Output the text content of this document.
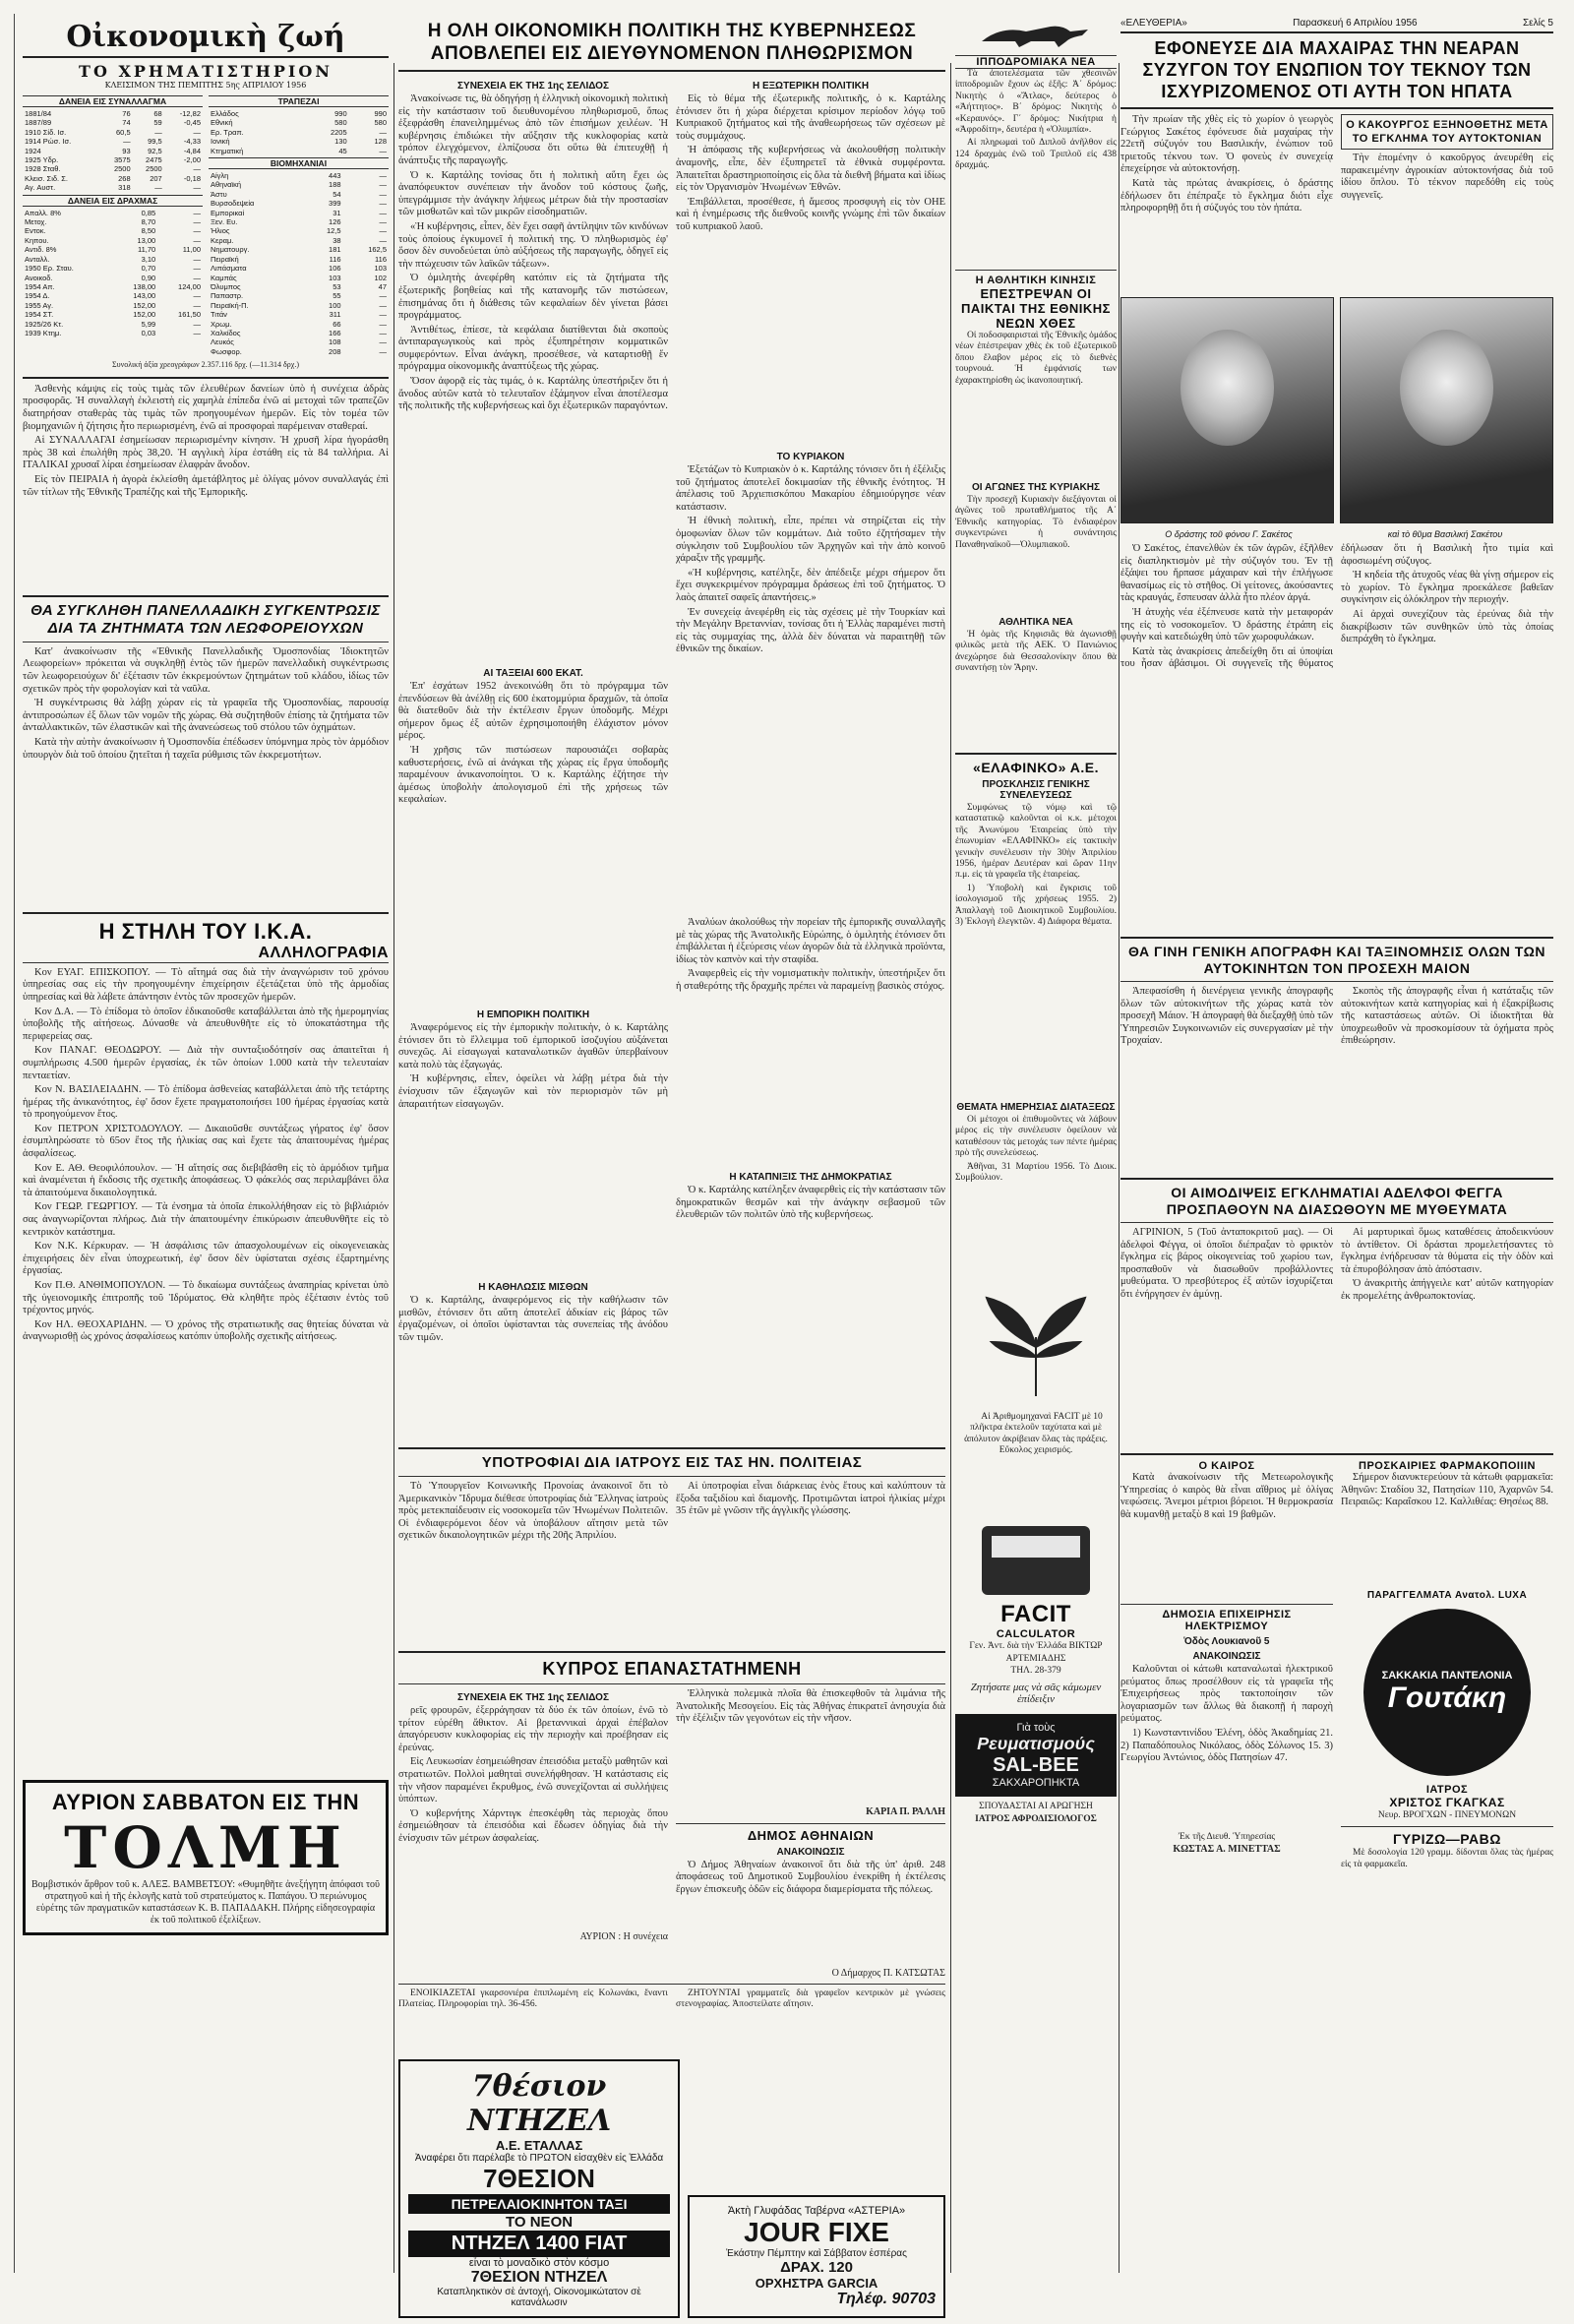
Οἰκονομικὴ ζωή
ΤΟ ΧΡΗΜΑΤΙΣΤΗΡΙΟΝ
ΚΛΕΙΣΙΜΟΝ ΤΗΣ ΠΕΜΠΤΗΣ 5ης ΑΠΡΙΛΙΟΥ 1956
ΔΑΝΕΙΑ ΕΙΣ ΣΥΝΑΛΛΑΓΜΑ
1881/84	76	68	-12,82
1887/89	74	59	-0,45
1910 Σίδ. Ισ.	60,5	—	—
1914 Ρώσ. Ισ.	—	99,5	-4,33
1924	93	92,5	-4,84
1925 Υδρ.	3575	2475	-2,00
1928 Σταθ.	2500	2500	—
Κλεισ. Σιδ. Σ.	268	207	-0,18
Αγ. Αυστ.	318	—	—
ΔΑΝΕΙΑ ΕΙΣ ΔΡΑΧΜΑΣ
Απαλλ. 8%	0,85	—
Μετοχ.	8,70	—
Εντοκ.	8,50	—
Κηπου.	13,00	—
Αντιδ. 8%	11,70	11,00
Ανταλλ.	3,10	—
1950 Ερ. Σταυ.	0,70	—
Ανοικοδ.	0,90	—
1954 Απ.	138,00	124,00
1954 Δ.	143,00	—
1955 Αγ.	152,00	—
1954 ΣΤ.	152,00	161,50
1925/26 Κτ.	5,99	—
1939 Κτημ.	0,03	—
ΤΡΑΠΕΖΑΙ
Ελλάδος	990	990
Εθνική	580	580
Ερ. Τραπ.	2205	—
Ιονική	130	128
Κτηματική	45	—
ΒΙΟΜΗΧΑΝΙΑΙ
Αίγλη	443	—
Αθηναϊκή	188	—
Άστυ	54	—
Βυρσοδεψεία	399	—
Εμπορικαί	31	—
Ξεν. Ευ.	126	—
Ήλιος	12,5	—
Κεραμ.	38	—
Νηματουργ.	181	162,5
Πειραϊκή	116	116
Λιπάσματα	106	103
Καμπάς	103	102
Όλυμπος	53	47
Παπαστρ.	55	—
Πειραϊκή-Π.	100	—
Τιτάν	311	—
Χρωμ.	66	—
Χαλκίδος	166	—
Λευκός	108	—
Φωσφορ.	208	—
Συνολική ἀξία χρεογράφων 2.357.116 δρχ. (—11.314 δρχ.)

Ἀσθενὴς κάμψις εἰς τοὺς τιμὰς τῶν ἐλευθέρων δανείων ὑπὸ ἡ συνέχεια ἀδρὰς προσφορᾶς. Ἡ συναλλαγὴ ἐκλειστὴ εἰς χαμηλὰ ἐπίπεδα ἐνῶ αἱ μετοχαὶ τῶν τραπεζῶν διατηρήσαν σταθερὰς τὰς τιμὰς τῶν προηγουμένων ἡμερῶν. Εἰς τὸν τομέα τῶν βιομηχανιῶν ἡ ζήτησις ἦτο περιωρισμένη, ἐνῶ αἱ προσφοραὶ παρέμειναν σταθεραί.

Αἱ ΣΥΝΑΛΛΑΓΑΙ ἐσημείωσαν περιωρισμένην κίνησιν. Ἡ χρυσῆ λίρα ἠγοράσθη πρὸς 38 καὶ ἐπωλήθη πρὸς 38,20. Ἡ αγγλικὴ λίρα ἐστάθη εἰς τὰ 84 ταλλήρια. Αἱ ΙΤΑΛΙΚΑΙ χρυσαῖ λίραι ἐσημείωσαν ἐλαφρὰν ἄνοδον.

Εἰς τὸν ΠΕΙΡΑΙΑ ἡ ἀγορὰ ἐκλείσθη ἀμετάβλητος μὲ ὀλίγας μόνον συναλλαγάς ἐπὶ τῶν τίτλων τῆς Ἐθνικῆς Τραπέζης καὶ τῆς Ἐμπορικῆς.

ΘΑ ΣΥΓΚΛΗΘΗ ΠΑΝΕΛΛΑΔΙΚΗ ΣΥΓΚΕΝΤΡΩΣΙΣ ΔΙΑ ΤΑ ΖΗΤΗΜΑΤΑ ΤΩΝ ΛΕΩΦΟΡΕΙΟΥΧΩΝ

Κατ' ἀνακοίνωσιν τῆς «Ἑθνικῆς Πανελλαδικῆς Ὁμοσπονδίας Ἰδιοκτητῶν Λεωφορείων» πρόκειται νὰ συγκληθῇ ἐντὸς τῶν ἡμερῶν πανελλαδικὴ συγκέντρωσις τῶν λεωφορειούχων δι' ἐξέτασιν τῶν ἐκκρεμούντων ζητημάτων τοῦ κλάδου, ἰδίως τῶν σχετικῶν πρὸς τὴν φορολογίαν καὶ τὰ ναῦλα.

Ἡ συγκέντρωσις θὰ λάβῃ χώραν εἰς τὰ γραφεῖα τῆς Ὁμοσπονδίας, παρουσίᾳ ἀντιπροσώπων ἐξ ὅλων τῶν νομῶν τῆς χώρας. Θὰ συζητηθοῦν ἐπίσης τὰ ζητήματα τῶν ἀνταλλακτικῶν, τῶν ἐλαστικῶν καὶ τῆς ἀνανεώσεως τοῦ στόλου τῶν ὀχημάτων.

Κατὰ τὴν αὐτὴν ἀνακοίνωσιν ἡ Ὁμοσπονδία ἐπέδωσεν ὑπόμνημα πρὸς τὸν ἁρμόδιον ὑπουργὸν διὰ τοῦ ὁποίου ζητεῖται ἡ ταχεῖα ρύθμισις τῶν ἐκκρεμοτήτων.

Η ΣΤΗΛΗ ΤΟΥ Ι.Κ.Α.
ΑΛΛΗΛΟΓΡΑΦΙΑ

Κον ΕΥΑΓ. ΕΠΙΣΚΟΠΟΥ. — Τὸ αἴτημά σας διὰ τὴν ἀναγνώρισιν τοῦ χρόνου ὑπηρεσίας σας εἰς τὴν προηγουμένην ἐπιχείρησιν ἐξετάζεται ὑπὸ τῆς ἁρμοδίας ὑπηρεσίας καὶ θὰ λάβετε ἀπάντησιν ἐντὸς τῶν προσεχῶν ἡμερῶν.

Κον Δ.Α. — Τὸ ἐπίδομα τὸ ὁποῖον ἐδικαιοῦσθε καταβάλλεται ἀπὸ τῆς ἡμερομηνίας ὑποβολῆς τῆς αἰτήσεως. Δύνασθε νὰ ἀπευθυνθῆτε εἰς τὸ ὑποκατάστημα τῆς περιφερείας σας.

Κον ΠΑΝΑΓ. ΘΕΟΔΩΡΟΥ. — Διὰ τὴν συνταξιοδότησίν σας ἀπαιτεῖται ἡ συμπλήρωσις 4.500 ἡμερῶν ἐργασίας, ἐκ τῶν ὁποίων 1.000 κατὰ τὴν τελευταίαν πενταετίαν.

Κον Ν. ΒΑΣΙΛΕΙΑΔΗΝ. — Τὸ ἐπίδομα ἀσθενείας καταβάλλεται ἀπὸ τῆς τετάρτης ἡμέρας τῆς ἀνικανότητος, ἐφ' ὅσον ἔχετε πραγματοποιήσει 100 ἡμέρας ἐργασίας κατὰ τὸ προηγούμενον ἔτος.

Κον ΠΕΤΡΟΝ ΧΡΙΣΤΟΔΟΥΛΟΥ. — Δικαιοῦσθε συντάξεως γήρατος ἐφ' ὅσον ἐσυμπληρώσατε τὸ 65ον ἔτος τῆς ἡλικίας σας καὶ ἔχετε τὰς ἀπαιτουμένας ἡμέρας ἀσφαλίσεως.

Κον Ε. ΑΘ. Θεοφιλόπουλον. — Ἡ αἴτησίς σας διεβιβάσθη εἰς τὸ ἁρμόδιον τμῆμα καὶ ἀναμένεται ἡ ἔκδοσις τῆς σχετικῆς ἀποφάσεως. Ὁ φάκελός σας περιλαμβάνει ὅλα τὰ ἀπαιτούμενα δικαιολογητικά.

Κον ΓΕΩΡ. ΓΕΩΡΓΙΟΥ. — Τὰ ἐνσημα τὰ ὁποῖα ἐπικολλήθησαν εἰς τὸ βιβλιάριόν σας ἀναγνωρίζονται πλήρως. Διὰ τὴν ἀπαιτουμένην ἐπικύρωσιν ἀπευθυνθῆτε εἰς τὸ κεντρικὸν κατάστημα.

Κον Ν.Κ. Κέρκυραν. — Ἡ ἀσφάλισις τῶν ἀπασχολουμένων εἰς οἰκογενειακὰς ἐπιχειρήσεις δὲν εἶναι ὑποχρεωτική, ἐφ' ὅσον δὲν ὑφίσταται σχέσις ἐξαρτημένης ἐργασίας.

Κον Π.Θ. ΑΝΘΙΜΟΠΟΥΛΟΝ. — Τὸ δικαίωμα συντάξεως ἀναπηρίας κρίνεται ὑπὸ τῆς ὑγειονομικῆς ἐπιτροπῆς τοῦ Ἱδρύματος. Θὰ κληθῆτε πρὸς ἐξέτασιν ἐντὸς τοῦ τρέχοντος μηνός.

Κον ΗΛ. ΘΕΟΧΑΡΙΔΗΝ. — Ὁ χρόνος τῆς στρατιωτικῆς σας θητείας δύναται νὰ ἀναγνωρισθῇ ὡς χρόνος ἀσφαλίσεως κατόπιν ὑποβολῆς σχετικῆς αἰτήσεως.

ΑΥΡΙΟΝ ΣΑΒΒΑΤΟΝ ΕΙΣ ΤΗΝ
ΤΟΛΜΗ
Βομβιστικόν ἄρθρον τοῦ κ. ΑΛΕΞ. ΒΑΜΒΕΤΣΟΥ: «Θυμηθῆτε ἀνεξήγητη ἀπόφασι τοῦ στρατηγοῦ καὶ ἡ τῆς ἐκλογῆς κατὰ τοῦ στρατεύματος κ. Παπάγου. Ὁ περιώνυμος εὑρέτης τῶν πραγματικῶν καταστάσεων Κ. Β. ΠΑΠΑΔΑΚΗ. Πλήρης εἰδησεογραφία ἐκ τοῦ πολιτικοῦ ἐξελίξεων.
Η ΟΛΗ ΟΙΚΟΝΟΜΙΚΗ ΠΟΛΙΤΙΚΗ ΤΗΣ ΚΥΒΕΡΝΗΣΕΩΣ ΑΠΟΒΛΕΠΕΙ ΕΙΣ ΔΙΕΥΘΥΝΟΜΕΝΟΝ ΠΛΗΘΩΡΙΣΜΟΝ
ΣΥΝΕΧΕΙΑ ΕΚ ΤΗΣ 1ης ΣΕΛΙΔΟΣ

Ἀνακοίνωσε τις, θὰ ὁδηγήσῃ ἡ ἑλληνικὴ οἰκονομικὴ πολιτικὴ εἰς τὴν κατάστασιν τοῦ διευθυνομένου πληθωρισμοῦ, ὅπως ἐξεφράσθη ἐπανειλημμένως ἀπὸ τῶν ἐπισήμων χειλέων. Ἡ κυβέρνησις ἐπιδιώκει τὴν αὔξησιν τῆς κυκλοφορίας κατὰ τρόπον ἐλεγχόμενον, ἐλπίζουσα ὅτι οὕτω θὰ ἐπιτευχθῇ ἡ ἀνάπτυξις τῆς παραγωγῆς.

Ὁ κ. Καρτάλης τονίσας ὅτι ἡ πολιτικὴ αὕτη ἔχει ὡς ἀναπόφευκτον συνέπειαν τὴν ἄνοδον τοῦ κόστους ζωῆς, ὑπεγράμμισε τὴν ἀνάγκην λήψεως μέτρων διὰ τὴν προστασίαν τῶν μισθωτῶν καὶ τῶν μικρῶν εἰσοδηματιῶν.

«Ἡ κυβέρνησις, εἶπεν, δὲν ἔχει σαφῆ ἀντίληψιν τῶν κινδύνων τοὺς ὁποίους ἐγκυμονεῖ ἡ πολιτική της. Ὁ πληθωρισμὸς ἐφ' ὅσον δὲν συνοδεύεται ὑπὸ αὐξήσεως τῆς παραγωγῆς, ὁδηγεῖ εἰς τὴν πτώχευσιν τῶν λαϊκῶν τάξεων».

Ὁ ὁμιλητὴς ἀνεφέρθη κατόπιν εἰς τὰ ζητήματα τῆς ἐξωτερικῆς βοηθείας καὶ τῆς κατανομῆς τῶν πιστώσεων, ἐπισημάνας ὅτι ἡ διάθεσις τῶν κεφαλαίων δὲν γίνεται βάσει προγράμματος.

Ἀντιθέτως, ἐπίεσε, τὰ κεφάλαια διατίθενται διὰ σκοποὺς ἀντιπαραγωγικοὺς καὶ πρὸς ἐξυπηρέτησιν κομματικῶν συμφερόντων. Εἶναι ἀνάγκη, προσέθεσε, νὰ καταρτισθῇ ἕν πρόγραμμα οἰκονομικῆς ἀναπτύξεως τῆς χώρας.

Ὅσον ἀφορᾷ εἰς τὰς τιμάς, ὁ κ. Καρτάλης ὑπεστήριξεν ὅτι ἡ ἄνοδος αὐτῶν κατὰ τὸ τελευταῖον ἑξάμηνον εἶναι ἀποτέλεσμα τῆς πολιτικῆς τῆς κυβερνήσεως καὶ ὄχι ἐξωτερικῶν παραγόντων.

ΑΙ ΤΑΞΕΙΑΙ 600 ΕΚΑΤ.

Ἐπ' ἐσχάτων 1952 ἀνεκοινώθη ὅτι τὸ πρόγραμμα τῶν ἐπενδύσεων θὰ ἀνέλθῃ εἰς 600 ἑκατομμύρια δραχμῶν, τὰ ὁποῖα θὰ διατεθοῦν διὰ τὴν ἐκτέλεσιν ἔργων ὑποδομῆς. Μέχρι σήμερον ὅμως ἐξ αὐτῶν ἐχρησιμοποιήθη ἐλάχιστον μόνον μέρος.

Ἡ χρῆσις τῶν πιστώσεων παρουσιάζει σοβαρὰς καθυστερήσεις, ἐνῶ αἱ ἀνάγκαι τῆς χώρας εἰς ἔργα ὑποδομῆς παραμένουν ἀνικανοποίητοι. Ὁ κ. Καρτάλης ἐζήτησε τὴν ἀμέσως ὑποβολὴν ἀπολογισμοῦ ἐπὶ τῆς χρήσεως τῶν κεφαλαίων.

Η ΕΜΠΟΡΙΚΗ ΠΟΛΙΤΙΚΗ

Ἀναφερόμενος εἰς τὴν ἐμπορικὴν πολιτικὴν, ὁ κ. Καρτάλης ἐτόνισεν ὅτι τὸ ἔλλειμμα τοῦ ἐμπορικοῦ ἰσοζυγίου αὐξάνεται συνεχῶς. Αἱ εἰσαγωγαὶ καταναλωτικῶν ἀγαθῶν ὑπερβαίνουν κατὰ πολὺ τὰς ἐξαγωγάς.

Ἡ κυβέρνησις, εἶπεν, ὀφείλει νὰ λάβῃ μέτρα διὰ τὴν ἐνίσχυσιν τῶν ἐξαγωγῶν καὶ τὸν περιορισμὸν τῶν μὴ ἀπαραιτήτων εἰσαγωγῶν.

Η ΚΑΘΗΛΩΣΙΣ ΜΙΣΘΩΝ

Ὁ κ. Καρτάλης, ἀναφερόμενος εἰς τὴν καθήλωσιν τῶν μισθῶν, ἐτόνισεν ὅτι αὕτη ἀποτελεῖ ἀδικίαν εἰς βάρος τῶν ἐργαζομένων, οἱ ὁποῖοι ὑφίστανται τὰς συνεπείας τῆς ἀνόδου τῶν τιμῶν.

Η ΕΞΩΤΕΡΙΚΗ ΠΟΛΙΤΙΚΗ

Εἰς τὸ θέμα τῆς ἐξωτερικῆς πολιτικῆς, ὁ κ. Καρτάλης ἐτόνισεν ὅτι ἡ χώρα διέρχεται κρίσιμον περίοδον λόγῳ τοῦ Κυπριακοῦ ζητήματος καὶ τῆς ἀναθεωρήσεως τῶν σχέσεων μὲ τοὺς συμμάχους.

Ἡ ἀπόφασις τῆς κυβερνήσεως νὰ ἀκολουθήσῃ πολιτικὴν ἀναμονῆς, εἶπε, δὲν ἐξυπηρετεῖ τὰ ἐθνικὰ συμφέροντα. Ἀπαιτεῖται δραστηριοποίησις εἰς ὅλα τὰ διεθνῆ βήματα καὶ ἰδίως εἰς τὸν Ὀργανισμὸν Ἡνωμένων Ἐθνῶν.

Ἐπιβάλλεται, προσέθεσε, ἡ ἄμεσος προσφυγὴ εἰς τὸν ΟΗΕ καὶ ἡ ἐνημέρωσις τῆς διεθνοῦς κοινῆς γνώμης ἐπὶ τῶν δικαίων τοῦ κυπριακοῦ λαοῦ.

ΤΟ ΚΥΡΙΑΚΟΝ

Ἐξετάζων τὸ Κυπριακὸν ὁ κ. Καρτάλης τόνισεν ὅτι ἡ ἐξέλιξις τοῦ ζητήματος ἀποτελεῖ δοκιμασίαν τῆς ἐθνικῆς ἑνότητος. Ἡ ἀπέλασις τοῦ Ἀρχιεπισκόπου Μακαρίου ἐδημιούργησε νέαν κατάστασιν.

Ἡ ἐθνικὴ πολιτικὴ, εἶπε, πρέπει νὰ στηρίζεται εἰς τὴν ὁμοφωνίαν ὅλων τῶν κομμάτων. Διὰ τοῦτο ἐζητήσαμεν τὴν σύγκλησιν τοῦ Συμβουλίου τῶν Ἀρχηγῶν καὶ τὴν ἀπὸ κοινοῦ χάραξιν τῆς γραμμῆς.

«Ἡ κυβέρνησις, κατέληξε, δὲν ἀπέδειξε μέχρι σήμερον ὅτι ἔχει συγκεκριμένον πρόγραμμα δράσεως ἐπὶ τοῦ ζητήματος. Ὁ λαὸς ἀπαιτεῖ σαφεῖς ἀπαντήσεις.»

Ἐν συνεχείᾳ ἀνεφέρθη εἰς τὰς σχέσεις μὲ τὴν Τουρκίαν καὶ τὴν Μεγάλην Βρεταννίαν, τονίσας ὅτι ἡ Ἑλλὰς παραμένει πιστὴ εἰς τὰς συμμαχίας της, ἀλλὰ δὲν δύναται νὰ παραιτηθῇ τῶν ἐθνικῶν της δικαίων.

Ἀναλύων ἀκολούθως τὴν πορείαν τῆς ἐμπορικῆς συναλλαγῆς μὲ τὰς χώρας τῆς Ἀνατολικῆς Εὐρώπης, ὁ ὁμιλητὴς ἐτόνισεν ὅτι ἐπιβάλλεται ἡ ἐξεύρεσις νέων ἀγορῶν διὰ τὰ ἑλληνικὰ προϊόντα, ἰδίως τὸν καπνὸν καὶ τὴν σταφίδα.

Ἀναφερθεὶς εἰς τὴν νομισματικὴν πολιτικὴν, ὑπεστήριξεν ὅτι ἡ σταθερότης τῆς δραχμῆς πρέπει νὰ παραμείνῃ βασικὸς στόχος.

Η ΚΑΤΑΠΝΙΞΙΣ ΤΗΣ ΔΗΜΟΚΡΑΤΙΑΣ

Ὁ κ. Καρτάλης κατέληξεν ἀναφερθεὶς εἰς τὴν κατάστασιν τῶν δημοκρατικῶν θεσμῶν καὶ τὴν ἀνάγκην σεβασμοῦ τῶν ἐλευθεριῶν τῶν πολιτῶν ὑπὸ τῆς κυβερνήσεως.

ΥΠΟΤΡΟΦΙΑΙ ΔΙΑ ΙΑΤΡΟΥΣ ΕΙΣ ΤΑΣ ΗΝ. ΠΟΛΙΤΕΙΑΣ

Τὸ Ὑπουργεῖον Κοινωνικῆς Προνοίας ἀνακοινοῖ ὅτι τὸ Ἀμερικανικὸν Ἵδρυμα διέθεσε ὑποτροφίας διὰ Ἕλληνας ἰατροὺς πρὸς μετεκπαίδευσιν εἰς νοσοκομεῖα τῶν Ἡνωμένων Πολιτειῶν. Οἱ ἐνδιαφερόμενοι δέον νὰ ὑποβάλουν αἴτησιν μετὰ τῶν σχετικῶν δικαιολογητικῶν μέχρι τῆς 20ῆς Ἀπριλίου.

Αἱ ὑποτροφίαι εἶναι διάρκειας ἑνὸς ἔτους καὶ καλύπτουν τὰ ἔξοδα ταξιδίου καὶ διαμονῆς. Προτιμῶνται ἰατροὶ ἡλικίας μέχρι 35 ἐτῶν μὲ γνῶσιν τῆς ἀγγλικῆς γλώσσης.

ΚΥΠΡΟΣ ΕΠΑΝΑΣΤΑΤΗΜΕΝΗ
ΣΥΝΕΧΕΙΑ ΕΚ ΤΗΣ 1ης ΣΕΛΙΔΟΣ

ρεῖς φρουρῶν, ἐξερράγησαν τὰ δύο ἐκ τῶν ὁποίων, ἐνῶ τὸ τρίτον εὑρέθη ἄθικτον. Αἱ βρεταννικαὶ ἀρχαὶ ἐπέβαλον ἀπαγόρευσιν κυκλοφορίας εἰς τὴν περιοχὴν καὶ προέβησαν εἰς ἐρεύνας.

Εἰς Λευκωσίαν ἐσημειώθησαν ἐπεισόδια μεταξὺ μαθητῶν καὶ στρατιωτῶν. Πολλοὶ μαθηταὶ συνελήφθησαν. Ἡ κατάστασις εἰς τὴν νῆσον παραμένει ἔκρυθμος, ἐνῶ συνεχίζονται αἱ συλλήψεις ὑπόπτων.

Ὁ κυβερνήτης Χάρντιγκ ἐπεσκέφθη τὰς περιοχὰς ὅπου ἐσημειώθησαν τὰ ἐπεισόδια καὶ ἔδωσεν ὁδηγίας διὰ τὴν ἐνίσχυσιν τῶν μέτρων ἀσφαλείας.

ΑΥΡΙΟΝ : Η συνέχεια

Ἑλληνικὰ πολεμικὰ πλοῖα θὰ ἐπισκεφθοῦν τὰ λιμάνια τῆς Ἀνατολικῆς Μεσογείου. Εἰς τὰς Ἀθήνας ἐπικρατεῖ ἀνησυχία διὰ τὴν ἐξέλιξιν τῶν γεγονότων εἰς τὴν νῆσον.

ΚΑΡΙΑ Π. ΡΑΛΛΗ
ΔΗΜΟΣ ΑΘΗΝΑΙΩΝ
ΑΝΑΚΟΙΝΩΣΙΣ

Ὁ Δήμος Ἀθηναίων ἀνακοινοῖ ὅτι διὰ τῆς ὑπ' ἀριθ. 248 ἀποφάσεως τοῦ Δημοτικοῦ Συμβουλίου ἐνεκρίθη ἡ ἐκτέλεσις ἔργων ἐπισκευῆς ὁδῶν εἰς διάφορα διαμερίσματα τῆς πόλεως.

Ο Δήμαρχος Π. ΚΑΤΣΩΤΑΣ

ΕΝΟΙΚΙΑΖΕΤΑΙ γκαρσονιέρα ἐπιπλωμένη εἰς Κολωνάκι, ἔναντι Πλατείας. Πληροφορίαι τηλ. 36-456.

ΖΗΤΟΥΝΤΑΙ γραμματεῖς διὰ γραφεῖον κεντρικὸν μὲ γνώσεις στενογραφίας. Ἀποστείλατε αἴτησιν.

7θέσιον ΝΤΗΖΕΛ
Α.Ε. ΕΤΑΛΛΑΣ
Ἀναφέρει ὅτι παρέλαβε τὸ ΠΡΩΤΟΝ εἰσαχθὲν εἰς Ἑλλάδα
7ΘΕΣΙΟΝ
ΠΕΤΡΕΛΑΙΟΚΙΝΗΤΟΝ ΤΑΞΙ
ΤΟ ΝΕΟΝ
ΝΤΗΖΕΛ 1400 FIAT
εἶναι τὸ μοναδικὸ στὸν κόσμο
7ΘΕΣΙΟΝ ΝΤΗΖΕΛ
Καταπληκτικὸν σὲ ἀντοχή, Οἰκονομικώτατον σὲ κατανάλωσιν
Ἀκτὴ Γλυφάδας Ταβέρνα «ΑΣΤΕΡΙΑ»
JOUR FIXE
Ἐκάστην Πέμπτην καὶ Σάββατον ἑσπέρας
ΔΡΑΧ. 120
ΟΡΧΗΣΤΡΑ GARCIA
Τηλέφ. 90703
ΙΠΠΟΔΡΟΜΙΑΚΑ ΝΕΑ

Τὰ ἀποτελέσματα τῶν χθεσινῶν ἱπποδρομιῶν ἔχουν ὡς ἑξῆς: Ἀ΄ δρόμος: Νικητὴς ὁ «Ἄτλας», δεύτερος ὁ «Ἀήττητος». Β΄ δρόμος: Νικητὴς ὁ «Κεραυνός». Γ΄ δρόμος: Νικήτρια ἡ «Ἀφροδίτη», δευτέρα ἡ «Ὀλυμπία».

Αἱ πληρωμαὶ τοῦ Διπλοῦ ἀνῆλθον εἰς 124 δραχμὰς ἐνῶ τοῦ Τριπλοῦ εἰς 438 δραχμάς.

Η ΑΘΛΗΤΙΚΗ ΚΙΝΗΣΙΣ
ΕΠΕΣΤΡΕΨΑΝ ΟΙ ΠΑΙΚΤΑΙ ΤΗΣ ΕΘΝΙΚΗΣ ΝΕΩΝ ΧΘΕΣ

Οἱ ποδοσφαιρισταὶ τῆς Ἐθνικῆς ὁμάδος νέων ἐπέστρεψαν χθὲς ἐκ τοῦ ἐξωτερικοῦ ὅπου ἔλαβον μέρος εἰς τὸ διεθνὲς τουρνουά. Ἡ ἐμφάνισίς των ἐχαρακτηρίσθη ὡς ἱκανοποιητική.

ΟΙ ΑΓΩΝΕΣ ΤΗΣ ΚΥΡΙΑΚΗΣ

Τὴν προσεχῆ Κυριακὴν διεξάγονται οἱ ἀγῶνες τοῦ πρωταθλήματος τῆς Α΄ Ἐθνικῆς κατηγορίας. Τὸ ἐνδιαφέρον συγκεντρώνει ἡ συνάντησις Παναθηναϊκοῦ—Ὀλυμπιακοῦ.

ΑΘΛΗΤΙΚΑ ΝΕΑ

Ἡ ὁμὰς τῆς Κηφισιᾶς θὰ ἀγωνισθῇ φιλικῶς μετὰ τῆς ΑΕΚ. Ὁ Πανιώνιος ἀνεχώρησε διὰ Θεσσαλονίκην ὅπου θὰ συναντήσῃ τὸν Ἄρην.

«ΕΛΑΦΙΝΚΟ» Α.Ε.
ΠΡΟΣΚΛΗΣΙΣ ΓΕΝΙΚΗΣ ΣΥΝΕΛΕΥΣΕΩΣ

Συμφώνως τῷ νόμῳ καὶ τῷ καταστατικῷ καλοῦνται οἱ κ.κ. μέτοχοι τῆς Ἀνωνύμου Ἑταιρείας ὑπὸ τὴν ἐπωνυμίαν «ΕΛΑΦΙΝΚΟ» εἰς τακτικὴν γενικὴν συνέλευσιν τὴν 30ὴν Ἀπριλίου 1956, ἡμέραν Δευτέραν καὶ ὥραν 11ην π.μ. εἰς τὰ γραφεῖα τῆς ἑταιρείας.

1) Ὑποβολὴ καὶ ἔγκρισις τοῦ ἰσολογισμοῦ τῆς χρήσεως 1955. 2) Ἀπαλλαγὴ τοῦ Διοικητικοῦ Συμβουλίου. 3) Ἐκλογὴ ἐλεγκτῶν. 4) Διάφορα θέματα.

ΘΕΜΑΤΑ ΗΜΕΡΗΣΙΑΣ ΔΙΑΤΑΞΕΩΣ

Οἱ μέτοχοι οἱ ἐπιθυμοῦντες νὰ λάβουν μέρος εἰς τὴν συνέλευσιν ὀφείλουν νὰ καταθέσουν τὰς μετοχάς των πέντε ἡμέρας πρὸ τῆς συνελεύσεως.

Ἀθῆναι, 31 Μαρτίου 1956. Τὸ Διοικ. Συμβούλιον.

Αἱ Ἀριθμομηχαναὶ FACIT μὲ 10 πλῆκτρα ἐκτελοῦν ταχύτατα καὶ μὲ ἀπόλυτον ἀκρίβειαν ὅλας τὰς πράξεις. Εὔκολος χειρισμός.

FACIT
CALCULATOR
Γεν. Ἀντ. διὰ τὴν Ἑλλάδα ΒΙΚΤΩΡ ΑΡΤΕΜΙΑΔΗΣ
ΤΗΛ. 28-379
Ζητήσατε μας νὰ σᾶς κάμωμεν ἐπίδειξιν
Γιὰ τοὺς
Ρευματισμούς
SAL-BEE
ΣΑΚΧΑΡΟΠΗΚΤΑ
ΣΠΟΥΔΑΣΤΑΙ ΑΙ ΑΡΩΓΗΣΗ
ΙΑΤΡΟΣ ΑΦΡΟΔΙΣΙΟΛΟΓΟΣ
«ΕΛΕΥΘΕΡΙΑ»	Παρασκευή 6 Απριλίου 1956	Σελίς 5
ΕΦΟΝΕΥΣΕ ΔΙΑ ΜΑΧΑΙΡΑΣ ΤΗΝ ΝΕΑΡΑΝ ΣΥΖΥΓΟΝ ΤΟΥ ΕΝΩΠΙΟΝ ΤΟΥ ΤΕΚΝΟΥ ΤΩΝ ΙΣΧΥΡΙΖΟΜΕΝΟΣ ΟΤΙ ΑΥΤΗ ΤΟΝ ΗΠΑΤΑ

Τὴν πρωίαν τῆς χθὲς εἰς τὸ χωρίον ὁ γεωργὸς Γεώργιος Σακέτος ἐφόνευσε διὰ μαχαίρας τὴν 22ετῆ σύζυγόν του Βασιλικήν, ἐνώπιον τοῦ τριετοῦς τέκνου των. Ὁ φονεὺς ἐν συνεχείᾳ ἐπεχείρησε νὰ αὐτοκτονήσῃ.

Κατὰ τὰς πρώτας ἀνακρίσεις, ὁ δράστης ἐδήλωσεν ὅτι ἐπέπραξε τὸ ἔγκλημα διότι εἶχε πληροφορηθῇ ὅτι ἡ σύζυγός του τὸν ἠπάτα.

Ο ΚΑΚΟΥΡΓΟΣ ΕΞΗΝΟΘΕΤΗΣ ΜΕΤΑ ΤΟ ΕΓΚΛΗΜΑ ΤΟΥ ΑΥΤΟΚΤΟΝΙΑΝ

Τὴν ἑπομένην ὁ κακοῦργος ἀνευρέθη εἰς παρακειμένην ἀγροικίαν αὐτοκτονήσας διὰ τοῦ ἰδίου ὅπλου. Τὸ τέκνον παρεδόθη εἰς τοὺς συγγενεῖς.

Ο δράστης τοῦ φόνου Γ. Σακέτος	καὶ τὸ θῦμα Βασιλική Σακέτου

Ὁ Σακέτος, ἐπανελθὼν ἐκ τῶν ἀγρῶν, ἐξῆλθεν εἰς διαπληκτισμὸν μὲ τὴν σύζυγόν του. Ἐν τῇ ἐξάψει του ἥρπασε μάχαιραν καὶ τὴν ἐπλήγωσε θανασίμως εἰς τὸ στῆθος. Οἱ γείτονες, ἀκούσαντες τὰς κραυγάς, ἔσπευσαν ἀλλὰ ἦτο πλέον ἀργά.

Ἡ ἀτυχὴς νέα ἐξέπνευσε κατὰ τὴν μεταφοράν της εἰς τὸ νοσοκομεῖον. Ὁ δράστης ἐτράπη εἰς φυγὴν καὶ κατεδιώχθη ὑπὸ τῶν χωροφυλάκων.

Κατὰ τὰς ἀνακρίσεις ἀπεδείχθη ὅτι αἱ ὑποψίαι του ἦσαν ἀβάσιμοι. Οἱ συγγενεῖς τῆς θύματος ἐδήλωσαν ὅτι ἡ Βασιλικὴ ἦτο τιμία καὶ ἀφοσιωμένη σύζυγος.

Ἡ κηδεία τῆς ἀτυχοῦς νέας θὰ γίνῃ σήμερον εἰς τὸ χωρίον. Τὸ ἔγκλημα προεκάλεσε βαθεῖαν συγκίνησιν εἰς ὁλόκληρον τὴν περιοχήν.

Αἱ ἀρχαὶ συνεχίζουν τὰς ἐρεύνας διὰ τὴν διακρίβωσιν τῶν συνθηκῶν ὑπὸ τὰς ὁποίας διεπράχθη τὸ ἔγκλημα.

ΘΑ ΓΙΝΗ ΓΕΝΙΚΗ ΑΠΟΓΡΑΦΗ ΚΑΙ ΤΑΞΙΝΟΜΗΣΙΣ ΟΛΩΝ ΤΩΝ ΑΥΤΟΚΙΝΗΤΩΝ ΤΟΝ ΠΡΟΣΕΧΗ ΜΑΙΟΝ

Ἀπεφασίσθη ἡ διενέργεια γενικῆς ἀπογραφῆς ὅλων τῶν αὐτοκινήτων τῆς χώρας κατὰ τὸν προσεχῆ Μάιον. Ἡ ἀπογραφὴ θὰ διεξαχθῇ ὑπὸ τῶν Ὑπηρεσιῶν Συγκοινωνιῶν εἰς συνεργασίαν μὲ τὴν Τροχαίαν.

Σκοπὸς τῆς ἀπογραφῆς εἶναι ἡ κατάταξις τῶν αὐτοκινήτων κατὰ κατηγορίας καὶ ἡ ἐξακρίβωσις τῆς καταστάσεως αὐτῶν. Οἱ ἰδιοκτῆται θὰ ὑποχρεωθοῦν νὰ προσκομίσουν τὰ ὀχήματα πρὸς ἐπιθεώρησιν.

ΟΙ ΑΙΜΟΔΙΨΕΙΣ ΕΓΚΛΗΜΑΤΙΑΙ ΑΔΕΛΦΟΙ ΦΕΓΓΑ ΠΡΟΣΠΑΘΟΥΝ ΝΑ ΔΙΑΣΩΘΟΥΝ ΜΕ ΜΥΘΕΥΜΑΤΑ

ΑΓΡΙΝΙΟΝ, 5 (Τοῦ ἀνταποκριτοῦ μας). — Οἱ ἀδελφοὶ Φέγγα, οἱ ὁποῖοι διέπραξαν τὸ φρικτὸν ἔγκλημα εἰς βάρος οἰκογενείας τοῦ χωρίου των, προσπαθοῦν νὰ διασωθοῦν προβάλλοντες μυθεύματα. Ὁ πρεσβύτερος ἐξ αὐτῶν ἰσχυρίζεται ὅτι ἐνήργησεν ἐν ἀμύνῃ.

Αἱ μαρτυρικαὶ ὅμως καταθέσεις ἀποδεικνύουν τὸ ἀντίθετον. Οἱ δράσται προμελετήσαντες τὸ ἔγκλημα ἐνήδρευσαν τὰ θύματα εἰς τὴν ὁδὸν καὶ τὰ ἐπυροβόλησαν ἀπὸ ἀπόστασιν.

Ὁ ἀνακριτὴς ἀπήγγειλε κατ' αὐτῶν κατηγορίαν ἐκ προμελέτης ἀνθρωποκτονίας.

Ο ΚΑΙΡΟΣ

Κατὰ ἀνακοίνωσιν τῆς Μετεωρολογικῆς Ὑπηρεσίας ὁ καιρὸς θὰ εἶναι αἴθριος μὲ ὀλίγας νεφώσεις. Ἄνεμοι μέτριοι βόρειοι. Ἡ θερμοκρασία θὰ κυμανθῇ μεταξὺ 8 καὶ 19 βαθμῶν.

ΔΗΜΟΣΙΑ ΕΠΙΧΕΙΡΗΣΙΣ ΗΛΕΚΤΡΙΣΜΟΥ
Ὁδὸς Λουκιανοῦ 5
ΑΝΑΚΟΙΝΩΣΙΣ

Καλοῦνται οἱ κάτωθι καταναλωταὶ ἠλεκτρικοῦ ρεύματος ὅπως προσέλθουν εἰς τὰ γραφεῖα τῆς Ἐπιχειρήσεως πρὸς τακτοποίησιν τῶν λογαριασμῶν των ἄλλως θὰ διακοπῇ ἡ παροχὴ ρεύματος.

1) Κωνσταντινίδου Ἑλένη, ὁδὸς Ἀκαδημίας 21. 2) Παπαδόπουλος Νικόλαος, ὁδὸς Σόλωνος 15. 3) Γεωργίου Ἀντώνιος, ὁδὸς Πατησίων 47.

Ἐκ τῆς Διευθ. Ὑπηρεσίας
ΚΩΣΤΑΣ Α. ΜΙΝΕΤΤΑΣ
ΠΡΟΣΚΑΙΡΙΕΣ ΦΑΡΜΑΚΟΠΟΙΙΙΝ

Σήμερον διανυκτερεύουν τὰ κάτωθι φαρμακεῖα: Ἀθηνῶν: Σταδίου 32, Πατησίων 110, Ἀχαρνῶν 54. Πειραιῶς: Καραΐσκου 12. Καλλιθέας: Θησέως 88.

ΠΑΡΑΓΓΕΛΜΑΤΑ Ανατολ. LUXA
ΣΑΚΚΑΚΙΑ ΠΑΝΤΕΛΟΝΙΑ
Γουτάκη
ΙΑΤΡΟΣ
ΧΡΙΣΤΟΣ ΓΚΑΓΚΑΣ
Νευρ. ΒΡΟΓΧΩΝ - ΠΝΕΥΜΟΝΩΝ
ΓΥΡΙΖΩ—ΡΑΒΩ

Μὲ δοσολογία 120 γραμμ. δίδονται ὅλας τὰς ἡμέρας εἰς τὰ φαρμακεῖα.
